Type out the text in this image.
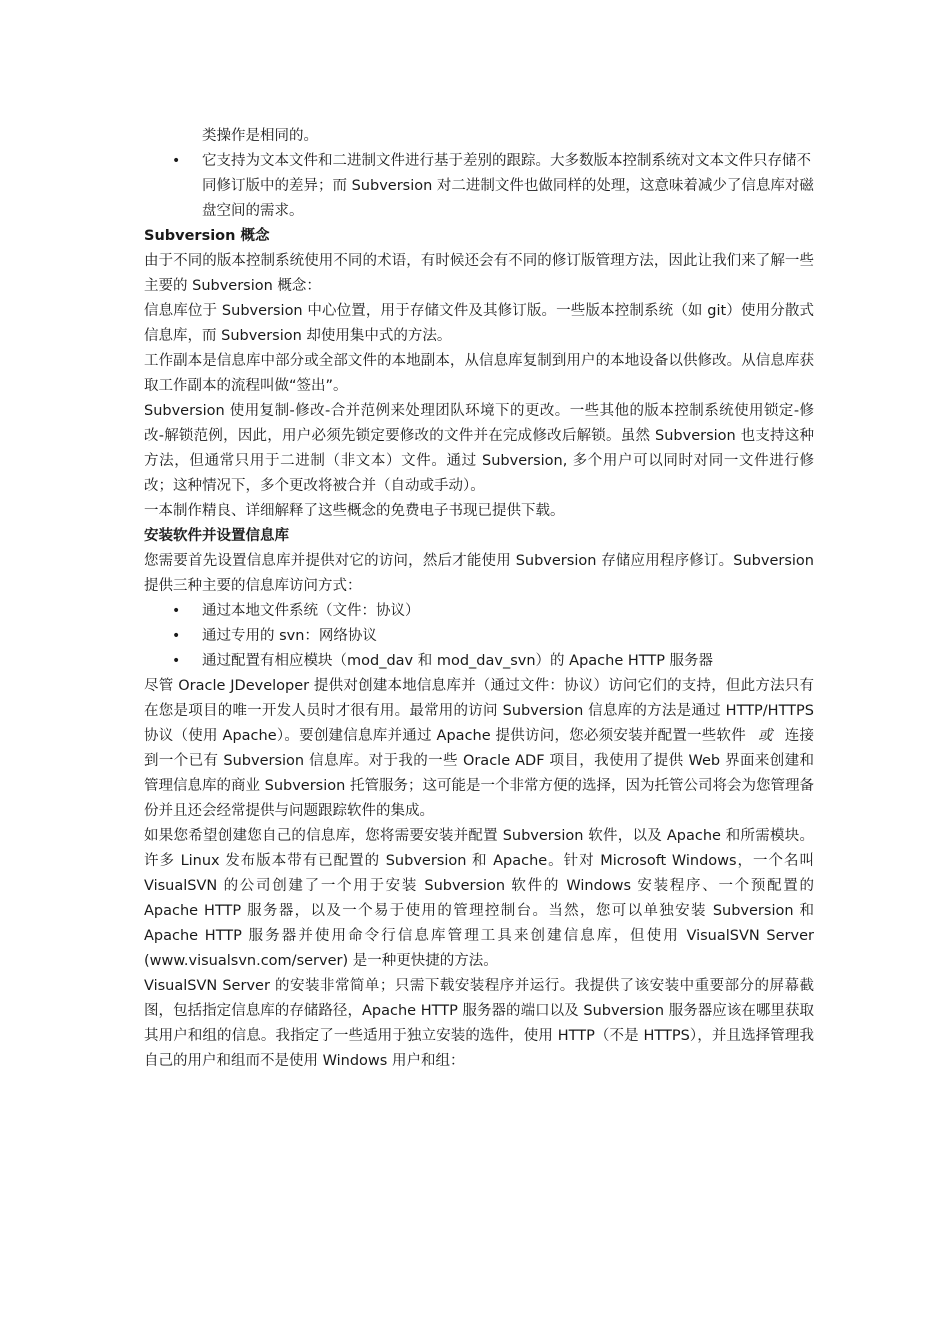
类操作是相同的。

• 它支持为文本文件和二进制文件进行基于差别的跟踪。大多数版本控制系统对文本文件只存储不同修订版中的差异；而 Subversion 对二进制文件也做同样的处理，这意味着减少了信息库对磁盘空间的需求。
Subversion 概念

由于不同的版本控制系统使用不同的术语，有时候还会有不同的修订版管理方法，因此让我们来了解一些主要的 Subversion 概念：

信息库位于 Subversion 中心位置，用于存储文件及其修订版。一些版本控制系统（如 git）使用分散式信息库，而 Subversion 却使用集中式的方法。

工作副本是信息库中部分或全部文件的本地副本，从信息库复制到用户的本地设备以供修改。从信息库获取工作副本的流程叫做“签出”。

Subversion 使用复制-修改-合并范例来处理团队环境下的更改。一些其他的版本控制系统使用锁定-修改-解锁范例，因此，用户必须先锁定要修改的文件并在完成修改后解锁。虽然 Subversion 也支持这种方法，但通常只用于二进制（非文本）文件。通过 Subversion, 多个用户可以同时对同一文件进行修改；这种情况下，多个更改将被合并（自动或手动）。

一本制作精良、详细解释了这些概念的免费电子书现已提供下载。

安装软件并设置信息库

您需要首先设置信息库并提供对它的访问，然后才能使用 Subversion 存储应用程序修订。Subversion 提供三种主要的信息库访问方式：

• 通过本地文件系统（文件：协议）
• 通过专用的 svn：网络协议
• 通过配置有相应模块（mod_dav 和 mod_dav_svn）的 Apache HTTP 服务器

尽管 Oracle JDeveloper 提供对创建本地信息库并（通过文件：协议）访问它们的支持，但此方法只有在您是项目的唯一开发人员时才很有用。最常用的访问 Subversion 信息库的方法是通过 HTTP/HTTPS 协议（使用 Apache）。要创建信息库并通过 Apache 提供访问，您必须安装并配置一些软件 或 连接到一个已有 Subversion 信息库。对于我的一些 Oracle ADF 项目，我使用了提供 Web 界面来创建和管理信息库的商业 Subversion 托管服务；这可能是一个非常方便的选择，因为托管公司将会为您管理备份并且还会经常提供与问题跟踪软件的集成。

如果您希望创建您自己的信息库，您将需要安装并配置 Subversion 软件，以及 Apache 和所需模块。许多 Linux 发布版本带有已配置的 Subversion 和 Apache。针对 Microsoft Windows，一个名叫 VisualSVN 的公司创建了一个用于安装 Subversion 软件的 Windows 安装程序、一个预配置的 Apache HTTP 服务器，以及一个易于使用的管理控制台。当然，您可以单独安装 Subversion 和 Apache HTTP 服务器并使用命令行信息库管理工具来创建信息库，但使用 VisualSVN Server (www.visualsvn.com/server) 是一种更快捷的方法。

VisualSVN Server 的安装非常简单；只需下载安装程序并运行。我提供了该安装中重要部分的屏幕截图，包括指定信息库的存储路径，Apache HTTP 服务器的端口以及 Subversion 服务器应该在哪里获取其用户和组的信息。我指定了一些适用于独立安装的选件，使用 HTTP（不是 HTTPS），并且选择管理我自己的用户和组而不是使用 Windows 用户和组：
